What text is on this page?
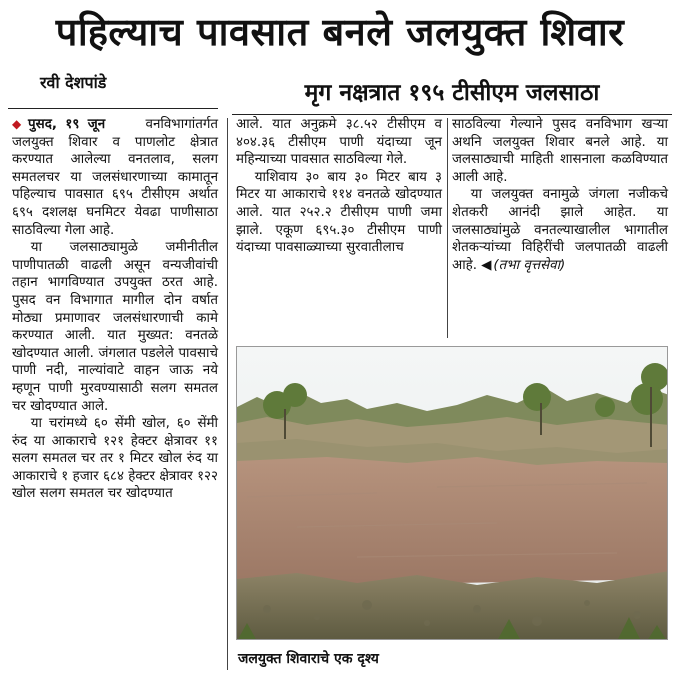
पहिल्याच पावसात बनले जलयुक्त शिवार
रवी देशपांडे	मृग नक्षत्रात १९५ टीसीएम जलसाठा

◆ पुसद, १९ जून	वनविभागांतर्गत जलयुक्त शिवार व पाणलोट क्षेत्रात करण्यात आलेल्या वनतलाव, सलग समतलचर या जलसंधारणाच्या कामातून पहिल्याच पावसात ६९५ टीसीएम अर्थात ६९५ दशलक्ष घनमिटर येवढा पाणीसाठा साठविल्या गेला आहे.

या जलसाठ्यामुळे जमीनीतील पाणीपातळी वाढली असून वन्यजीवांची तहान भागविण्यात उपयुक्त ठरत आहे. पुसद वन विभागात मागील दोन वर्षात मोठ्या प्रमाणावर जलसंधारणाची कामे करण्यात आली. यात मुख्यत: वनतळे खोदण्यात आली. जंगलात पडलेले पावसाचे पाणी नदी, नाल्यांवाटे वाहन जाऊ नये म्हणून पाणी मुरवण्यासाठी सलग समतल चर खोदण्यात आले.

या चरांमध्ये ६० सेंमी खोल, ६० सेंमी रुंद या आकाराचे १२१ हेक्टर क्षेत्रावर ११ सलग समतल चर तर १ मिटर खोल रुंद या आकाराचे १ हजार ६८४ हेक्टर क्षेत्रावर १२२ खोल सलग समतल चर खोदण्यात

आले. यात अनुक्रमे ३८.५२ टीसीएम व ४०४.३६ टीसीएम पाणी यंदाच्या जून महिन्याच्या पावसात साठविल्या गेले.

याशिवाय ३० बाय ३० मिटर बाय ३ मिटर या आकाराचे ११४ वनतळे खोदण्यात आले. यात २५२.२ टीसीएम पाणी जमा झाले. एकूण ६९५.३० टीसीएम पाणी यंदाच्या पावसाळ्याच्या सुरवातीलाच

साठविल्या गेल्याने पुसद वनविभाग खऱ्या अथनि जलयुक्त शिवार बनले आहे. या जलसाठ्याची माहिती शासनाला कळविण्यात आली आहे.

या जलयुक्त वनामुळे जंगला नजीकचे शेतकरी आनंदी झाले आहेत. या जलसाठ्यांमुळे वनतल्याखालील भागातील शेतकऱ्यांच्या विहिरींची जलपातळी वाढली आहे. ◀ (तभा वृत्तसेवा)

जलयुक्त शिवाराचे एक दृश्य
